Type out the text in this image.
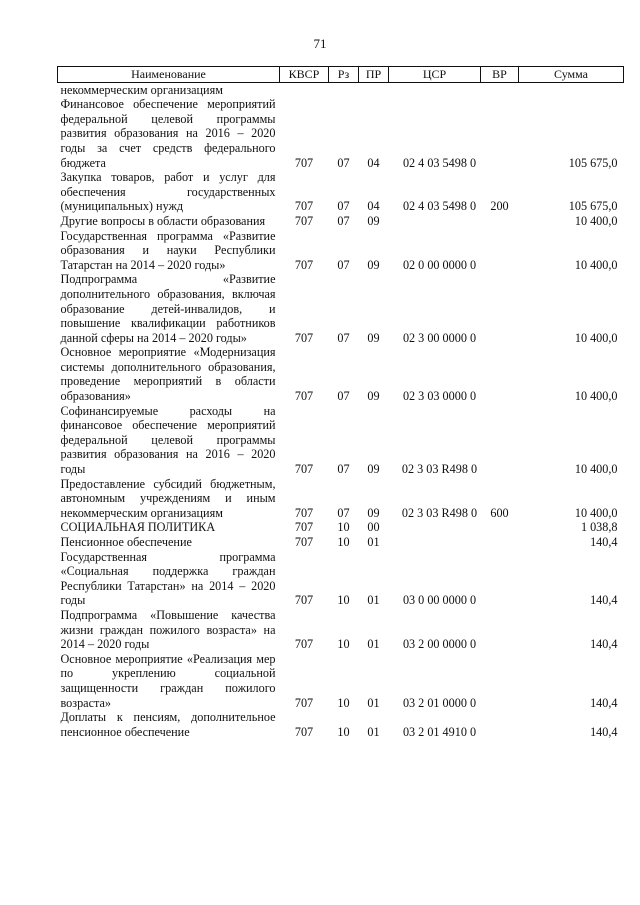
71
Наименование	КВСР	Рз	ПР	ЦСР	ВР	Сумма
некоммерческим организациям						
Финансовое обеспечение мероприятий федеральной целевой программы развития образования на 2016 – 2020 годы за счет средств федерального бюджета	707	07	04	02 4 03 5498 0		105 675,0
Закупка товаров, работ и услуг для обеспечения государственных (муниципальных) нужд	707	07	04	02 4 03 5498 0	200	105 675,0
Другие вопросы в области образования	707	07	09			10 400,0
Государственная программа «Развитие образования и науки Республики Татарстан на 2014 – 2020 годы»	707	07	09	02 0 00 0000 0		10 400,0
Подпрограмма «Развитие дополнительного образования, включая образование детей-инвалидов, и повышение квалификации работников данной сферы на 2014 – 2020 годы»	707	07	09	02 3 00 0000 0		10 400,0
Основное мероприятие «Модернизация системы дополнительного образования, проведение мероприятий в области образования»	707	07	09	02 3 03 0000 0		10 400,0
Софинансируемые расходы на финансовое обеспечение мероприятий федеральной целевой программы развития образования на 2016 – 2020 годы	707	07	09	02 3 03 R498 0		10 400,0
Предоставление субсидий бюджетным, автономным учреждениям и иным некоммерческим организациям	707	07	09	02 3 03 R498 0	600	10 400,0
СОЦИАЛЬНАЯ ПОЛИТИКА	707	10	00			1 038,8
Пенсионное обеспечение	707	10	01			140,4
Государственная программа «Социальная поддержка граждан Республики Татарстан» на 2014 – 2020 годы	707	10	01	03 0 00 0000 0		140,4
Подпрограмма «Повышение качества жизни граждан пожилого возраста» на 2014 – 2020 годы	707	10	01	03 2 00 0000 0		140,4
Основное мероприятие «Реализация мер по укреплению социальной защищенности граждан пожилого возраста»	707	10	01	03 2 01 0000 0		140,4
Доплаты к пенсиям, дополнительное пенсионное обеспечение	707	10	01	03 2 01 4910 0		140,4
